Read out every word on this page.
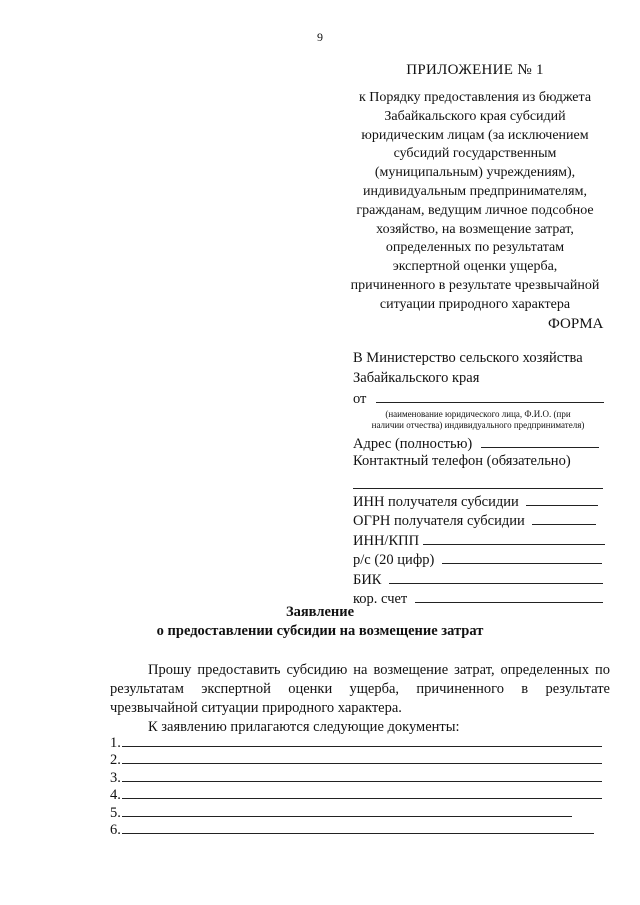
9
ПРИЛОЖЕНИЕ № 1
к Порядку предоставления из бюджета
Забайкальского края субсидий
юридическим лицам (за исключением
субсидий государственным
(муниципальным) учреждениям),
индивидуальным предпринимателям,
гражданам, ведущим личное подсобное
хозяйство, на возмещение затрат,
определенных по результатам
экспертной оценки ущерба,
причиненного в результате чрезвычайной
ситуации природного характера
ФОРМА
В Министерство сельского хозяйства
Забайкальского края
от
(наименование юридического лица, Ф.И.О. (при
наличии отчества) индивидуального предпринимателя)
Адрес (полностью)
Контактный телефон (обязательно)
ИНН получателя субсидии
ОГРН получателя субсидии
ИНН/КПП
р/с (20 цифр)
БИК
кор. счет
Заявление
о предоставлении субсидии на возмещение затрат
Прошу предоставить субсидию на возмещение затрат, определенных по результатам экспертной оценки ущерба, причиненного в результате чрезвычайной ситуации природного характера.
К заявлению прилагаются следующие документы:
1.
2.
3.
4.
5.
6.
